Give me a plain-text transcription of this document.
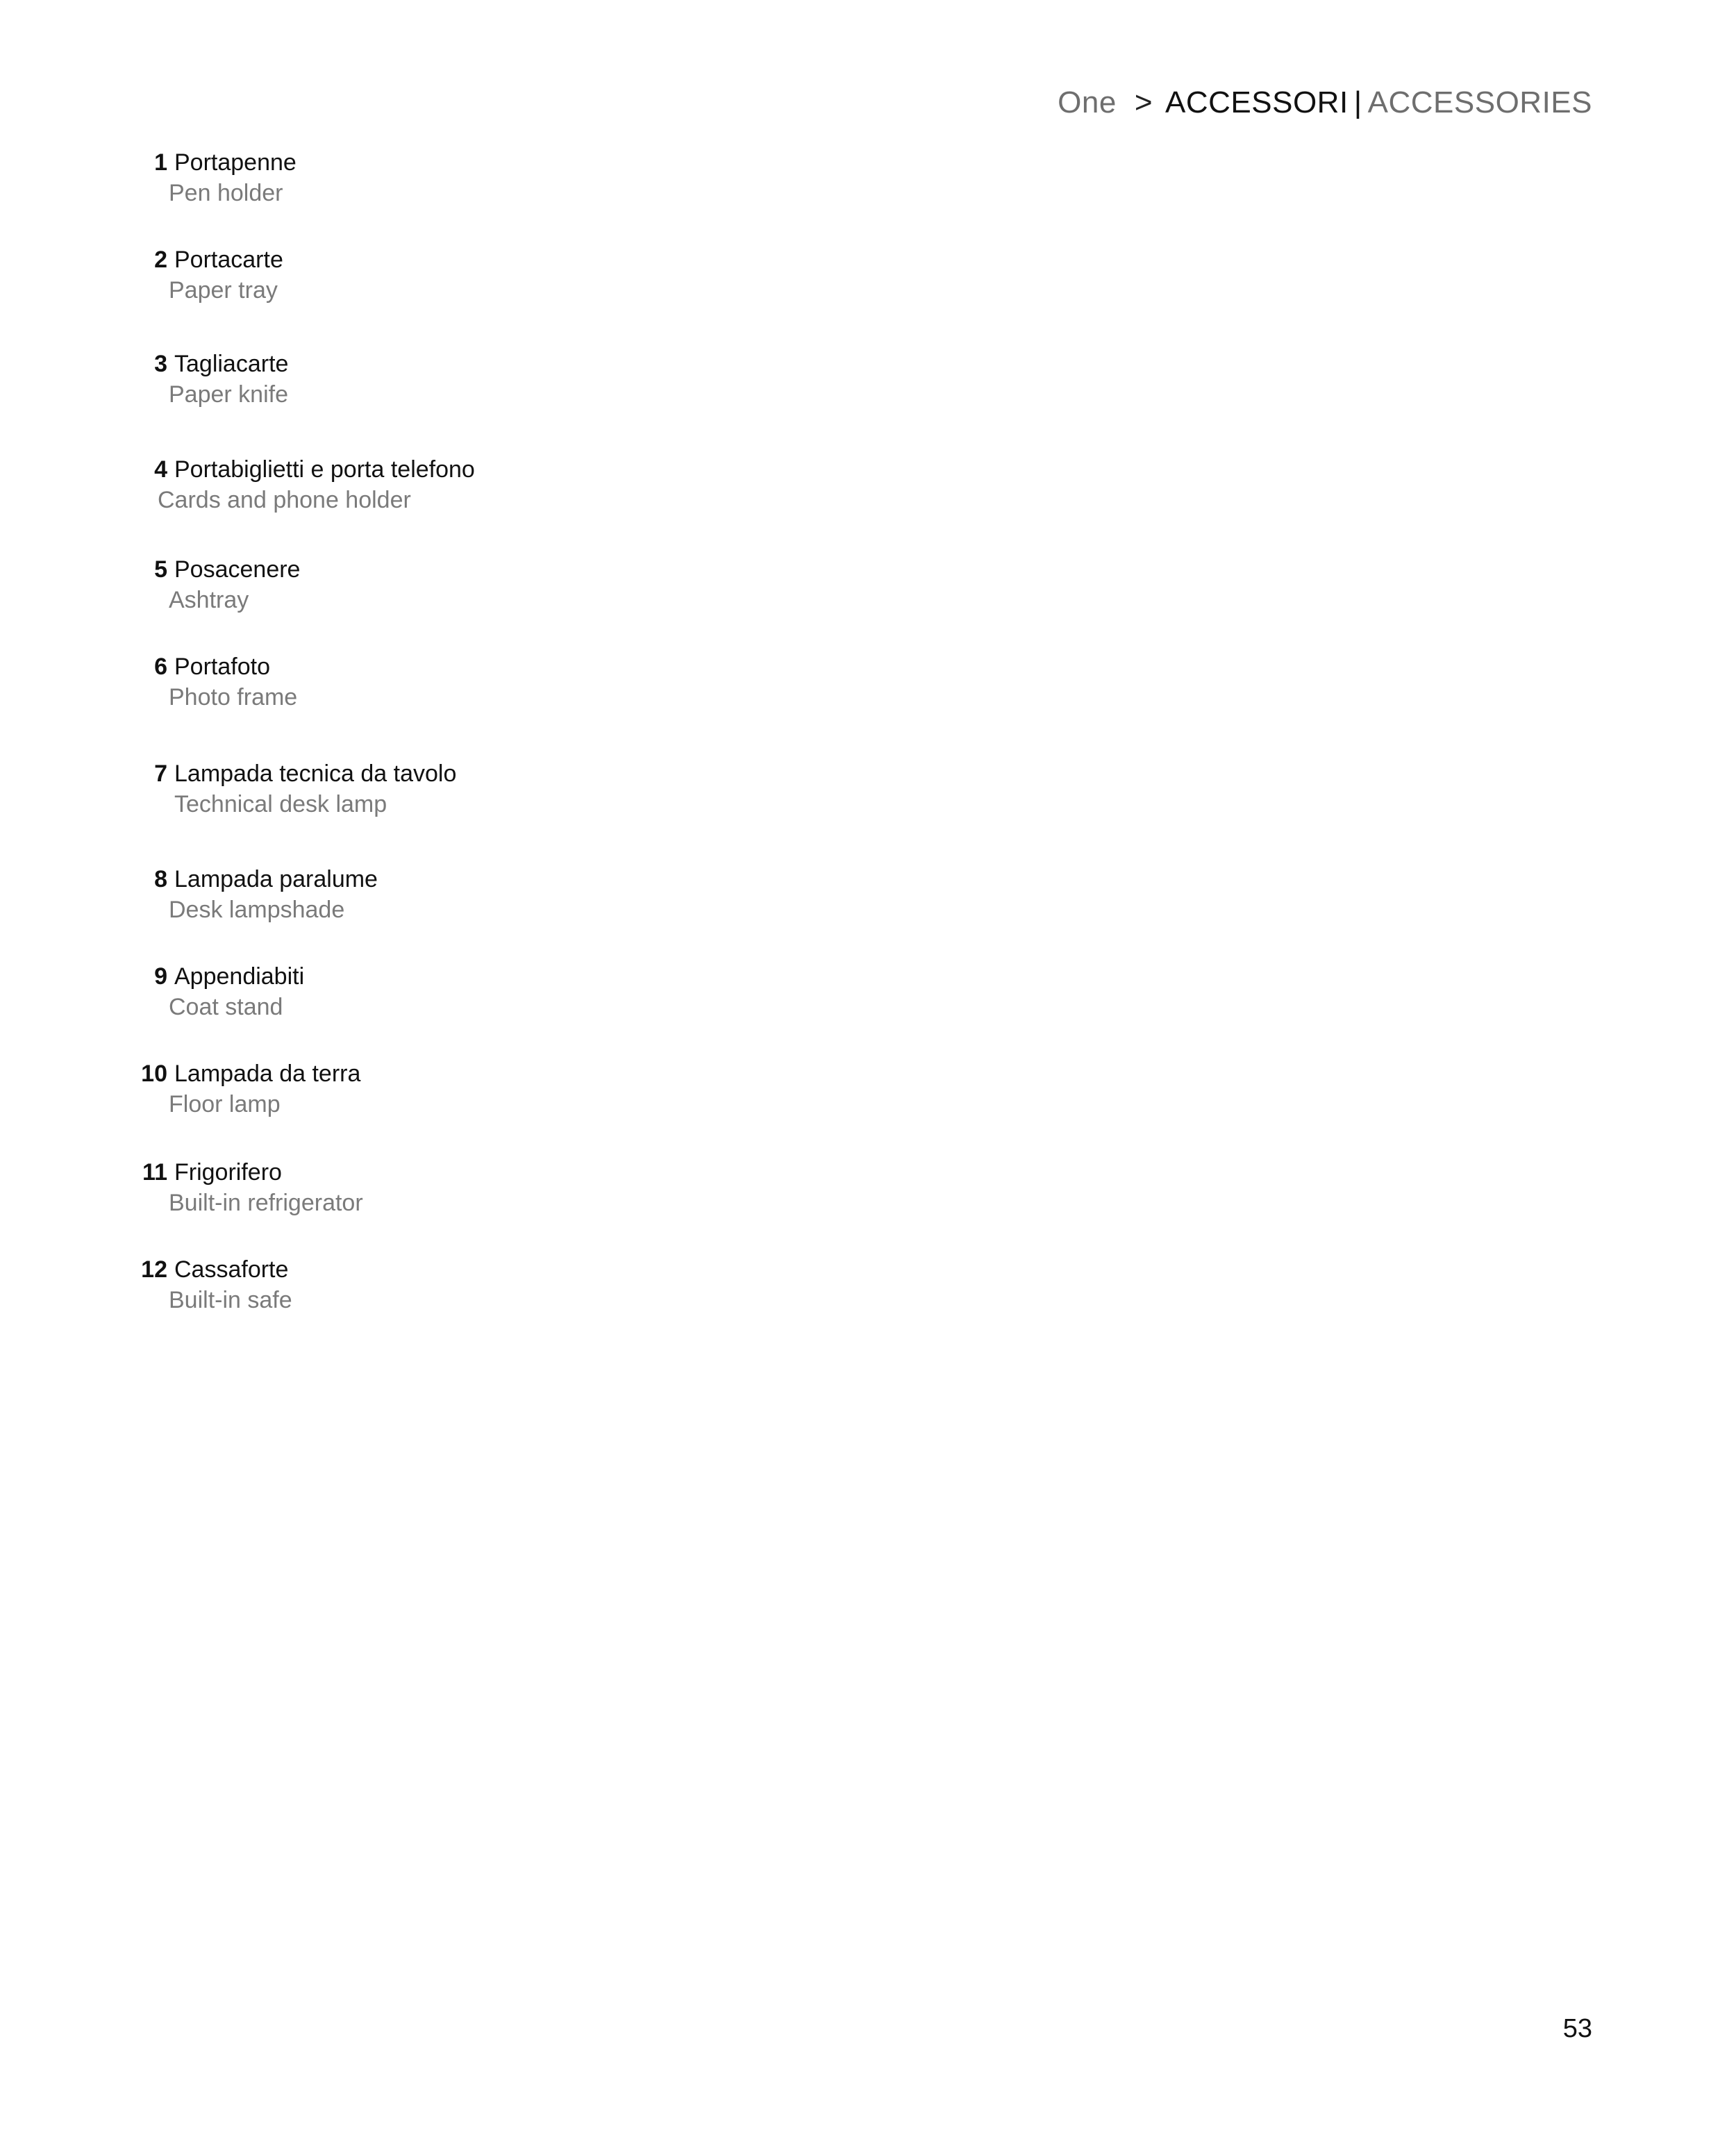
One > ACCESSORI | ACCESSORIES
1 Portapenne
Pen holder
2 Portacarte
Paper tray
3 Tagliacarte
Paper knife
4 Portabiglietti e porta telefono
Cards and phone holder
5 Posacenere
Ashtray
6 Portafoto
Photo frame
7 Lampada tecnica da tavolo
Technical desk lamp
8 Lampada paralume
Desk lampshade
9 Appendiabiti
Coat stand
10 Lampada da terra
Floor lamp
11 Frigorifero
Built-in refrigerator
12 Cassaforte
Built-in safe
53
